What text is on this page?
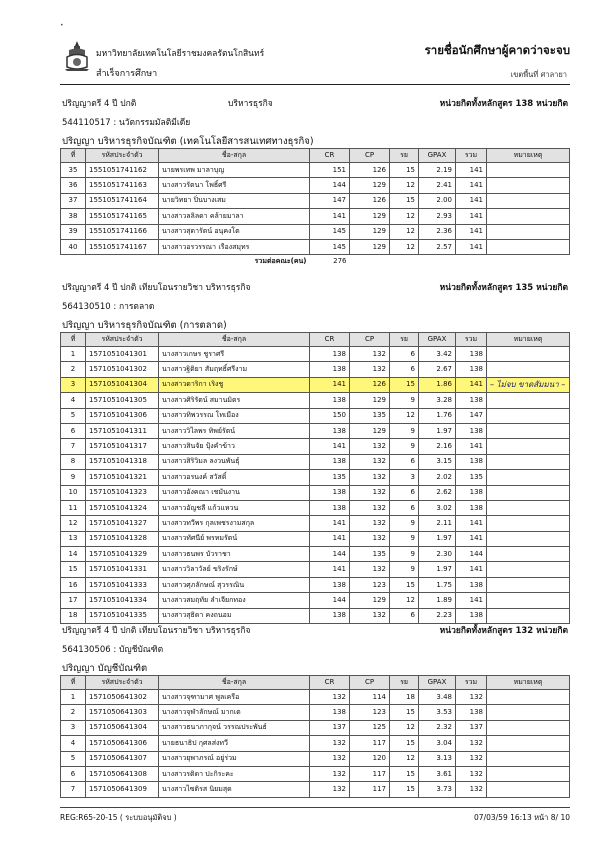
•
มหาวิทยาลัยเทคโนโลยีราชมงคลรัตนโกสินทร์
สำเร็จการศึกษา
รายชื่อนักศึกษาผู้คาดว่าจะจบ
เขตพื้นที่ ศาลายา
ปริญญาตรี 4 ปี ปกติ	บริหารธุรกิจ	หน่วยกิตทั้งหลักสูตร 138 หน่วยกิต
544110517 : นวัตกรรมมัลติมีเดีย
ปริญญา บริหารธุรกิจบัณฑิต (เทคโนโลยีสารสนเทศทางธุรกิจ)
ที่	รหัสประจำตัว	ชื่อ-สกุล	CR	CP	รย	GPAX	รวม	หมายเหตุ
35	1551051741162	นายพรเทพ มาลาบุญ	151	126	15	2.19	141	
36	1551051741163	นางสาวรัตนา โพธิ์ศรี	144	129	12	2.41	141	
37	1551051741164	นายวิทยา ปิ่นบางเสม	147	126	15	2.00	141	
38	1551051741165	นางสาวลลิลดา คล้ายมาลา	141	129	12	2.93	141	
39	1551051741166	นางสาวสุดารัตน์ อนุคงโต	145	129	12	2.36	141	
40	1551051741167	นางสาวอรวรรณา เรืองสมุทร	145	129	12	2.57	141	
รวมต่อคณะ(คน)			276					
ปริญญาตรี 4 ปี ปกติ เทียบโอนรายวิชา บริหารธุรกิจ	หน่วยกิตทั้งหลักสูตร 135 หน่วยกิต
564130510 : การตลาด
ปริญญา บริหารธุรกิจบัณฑิต (การตลาด)
ที่	รหัสประจำตัว	ชื่อ-สกุล	CR	CP	รย	GPAX	รวม	หมายเหตุ
1	1571051041301	นางสาวเกษร ชูราศรี	138	132	6	3.42	138	
2	1571051041302	นางสาวฐิติยา สัมฤทธิ์ศรีงาม	138	132	6	2.67	138	
3	1571051041304	นางสาวดาริกา เริงชู	141	126	15	1.86	141	– ไม่จบ ขาดสัมมนา –
4	1571051041305	นางสาวศิริรัตน์ สมานมิตร	138	129	9	3.28	138	
5	1571051041306	นางสาวทิพวรรณ โทเมือง	150	135	12	1.76	147	
6	1571051041311	นางสาววิไลพร ทิพย์รัตน์	138	129	9	1.97	138	
7	1571051041317	นางสาวสินจัย ปุ้งคำข้าว	141	132	9	2.16	141	
8	1571051041318	นางสาวสิริวิมล ลงวนพันธุ์	138	132	6	3.15	138	
9	1571051041321	นางสาวอรนงค์ สวัสดิ์	135	132	3	2.02	135	
10	1571051041323	นางสาวอังคณา เชมันงาน	138	132	6	2.62	138	
11	1571051041324	นางสาวอัญชลี แก้วแหวน	138	132	6	3.02	138	
12	1571051041327	นางสาวทวีพร กุลเพชรงามสกุล	141	132	9	2.11	141	
13	1571051041328	นางสาวทัศนีย์ พรหมรัตน์	141	132	9	1.97	141	
14	1571051041329	นางสาวธนพร บัวราชา	144	135	9	2.30	144	
15	1571051041331	นางสาววิลาวัลย์ ขริงรักษ์	141	132	9	1.97	141	
16	1571051041333	นางสาวศุภลักษณ์ สุวรรณิน	138	123	15	1.75	138	
17	1571051041334	นางสาวสมฤทัย ลำเจียกทอง	144	129	12	1.89	141	
18	1571051041335	นางสาวสุธิดา คงถนอม	138	132	6	2.23	138	
ปริญญาตรี 4 ปี ปกติ เทียบโอนรายวิชา บริหารธุรกิจ	หน่วยกิตทั้งหลักสูตร 132 หน่วยกิต
564130506 : บัญชีบัณฑิต
ปริญญา บัญชีบัณฑิต
ที่	รหัสประจำตัว	ชื่อ-สกุล	CR	CP	รย	GPAX	รวม	หมายเหตุ
1	1571050641302	นางสาวจุฑามาศ พูลเครือ	132	114	18	3.48	132	
2	1571050641303	นางสาวจุฬาลักษณ์ มากเต	138	123	15	3.53	138	
3	1571050641304	นางสาวธนาภากุจน์ วรรณประพันธ์	137	125	12	2.32	137	
4	1571050641306	นายธนาธิป กุศลส่งทวี	132	117	15	3.04	132	
5	1571050641307	นางสาวยุพาภรณ์ อยู่ร่วม	132	120	12	3.13	132	
6	1571050641308	นางสาวรติดา ปะกิระคะ	132	117	15	3.61	132	
7	1571050641309	นางสาวไซติรส นิยมสุด	132	117	15	3.73	132	
REG:R65-20-15 ( ระบบอนุมัติจบ )	07/03/59 16:13 หน้า 8/ 10
